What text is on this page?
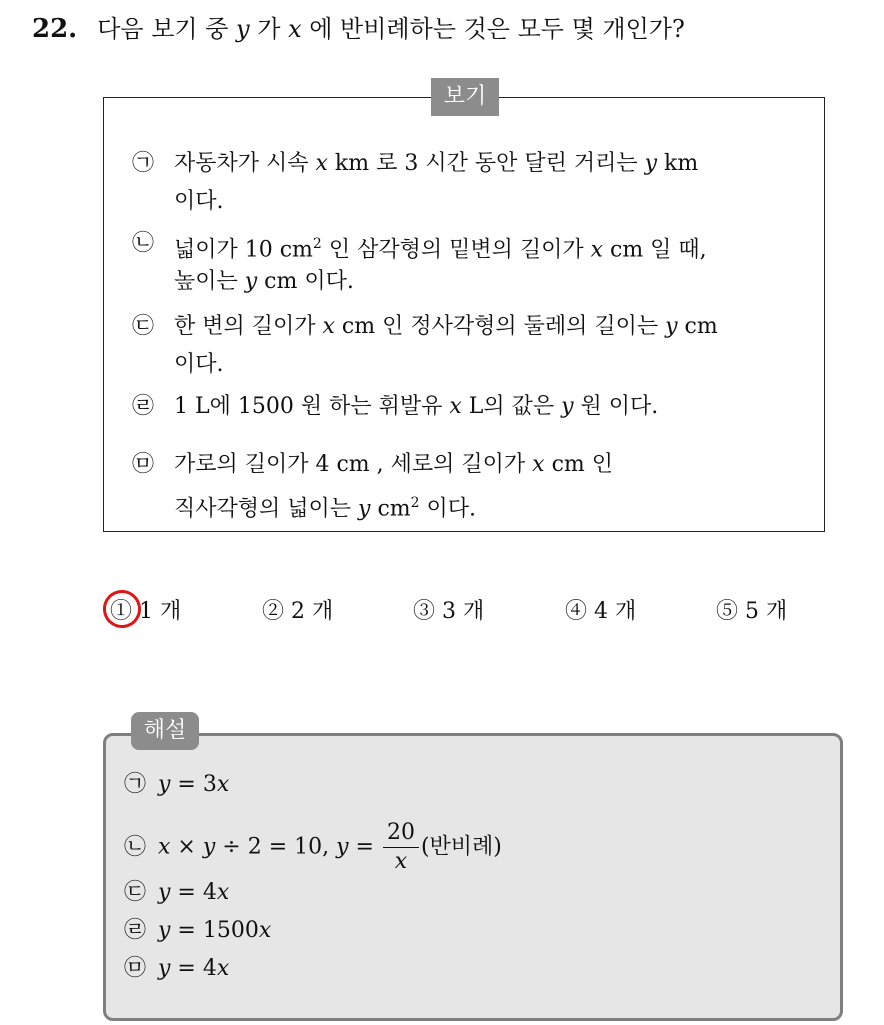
22. 다음 보기 중 y 가 x 에 반비례하는 것은 모두 몇 개인가?
보기
㉠ 자동차가 시속 x km 로 3 시간 동안 달린 거리는 y km
이다.
㉡ 넓이가 10 $cm^2$ 인 삼각형의 밑변의 길이가 x cm 일 때,
높이는 y cm 이다.
㉢ 한 변의 길이가 x cm 인 정사각형의 둘레의 길이는 y cm
이다.
㉣ 1 L에 1500 원 하는 휘발유 x L의 값은 y 원 이다.
㉤ 가로의 길이가 4 cm , 세로의 길이가 x cm 인
직사각형의 넓이는 y $cm^2$ 이다.
① 1 개	② 2 개	③ 3 개	④ 4 개	⑤ 5 개
해설
㉠ y = 3x
㉡ x × y ÷ 2 = 10, $y = \frac{20}{x}$ (반비례)
㉢ y = 4x
㉣ y = 1500x
㉤ y = 4x
